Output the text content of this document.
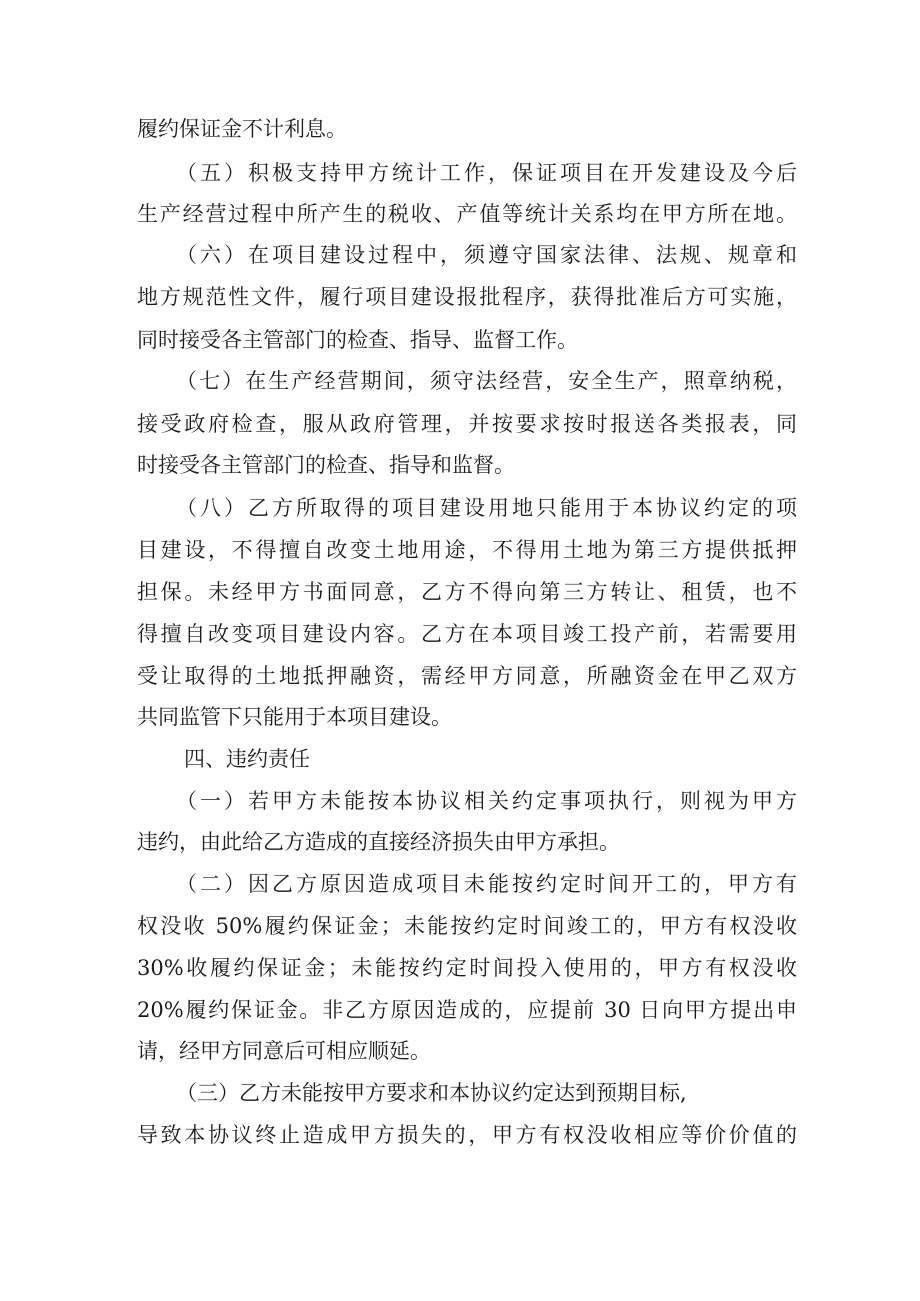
履约保证金不计利息。
（五）积极支持甲方统计工作，保证项目在开发建设及今后
生产经营过程中所产生的税收、产值等统计关系均在甲方所在地。
（六）在项目建设过程中，须遵守国家法律、法规、规章和
地方规范性文件，履行项目建设报批程序，获得批准后方可实施，
同时接受各主管部门的检查、指导、监督工作。
（七）在生产经营期间，须守法经营，安全生产，照章纳税，
接受政府检查，服从政府管理，并按要求按时报送各类报表，同
时接受各主管部门的检查、指导和监督。
（八）乙方所取得的项目建设用地只能用于本协议约定的项
目建设，不得擅自改变土地用途，不得用土地为第三方提供抵押
担保。未经甲方书面同意，乙方不得向第三方转让、租赁，也不
得擅自改变项目建设内容。乙方在本项目竣工投产前，若需要用
受让取得的土地抵押融资，需经甲方同意，所融资金在甲乙双方
共同监管下只能用于本项目建设。
四、违约责任
（一）若甲方未能按本协议相关约定事项执行，则视为甲方
违约，由此给乙方造成的直接经济损失由甲方承担。
（二）因乙方原因造成项目未能按约定时间开工的，甲方有
权没收 50%履约保证金；未能按约定时间竣工的，甲方有权没收
30%收履约保证金；未能按约定时间投入使用的，甲方有权没收
20%履约保证金。非乙方原因造成的，应提前 30 日向甲方提出申
请，经甲方同意后可相应顺延。
（三）乙方未能按甲方要求和本协议约定达到预期目标,
导致本协议终止造成甲方损失的，甲方有权没收相应等价价值的
